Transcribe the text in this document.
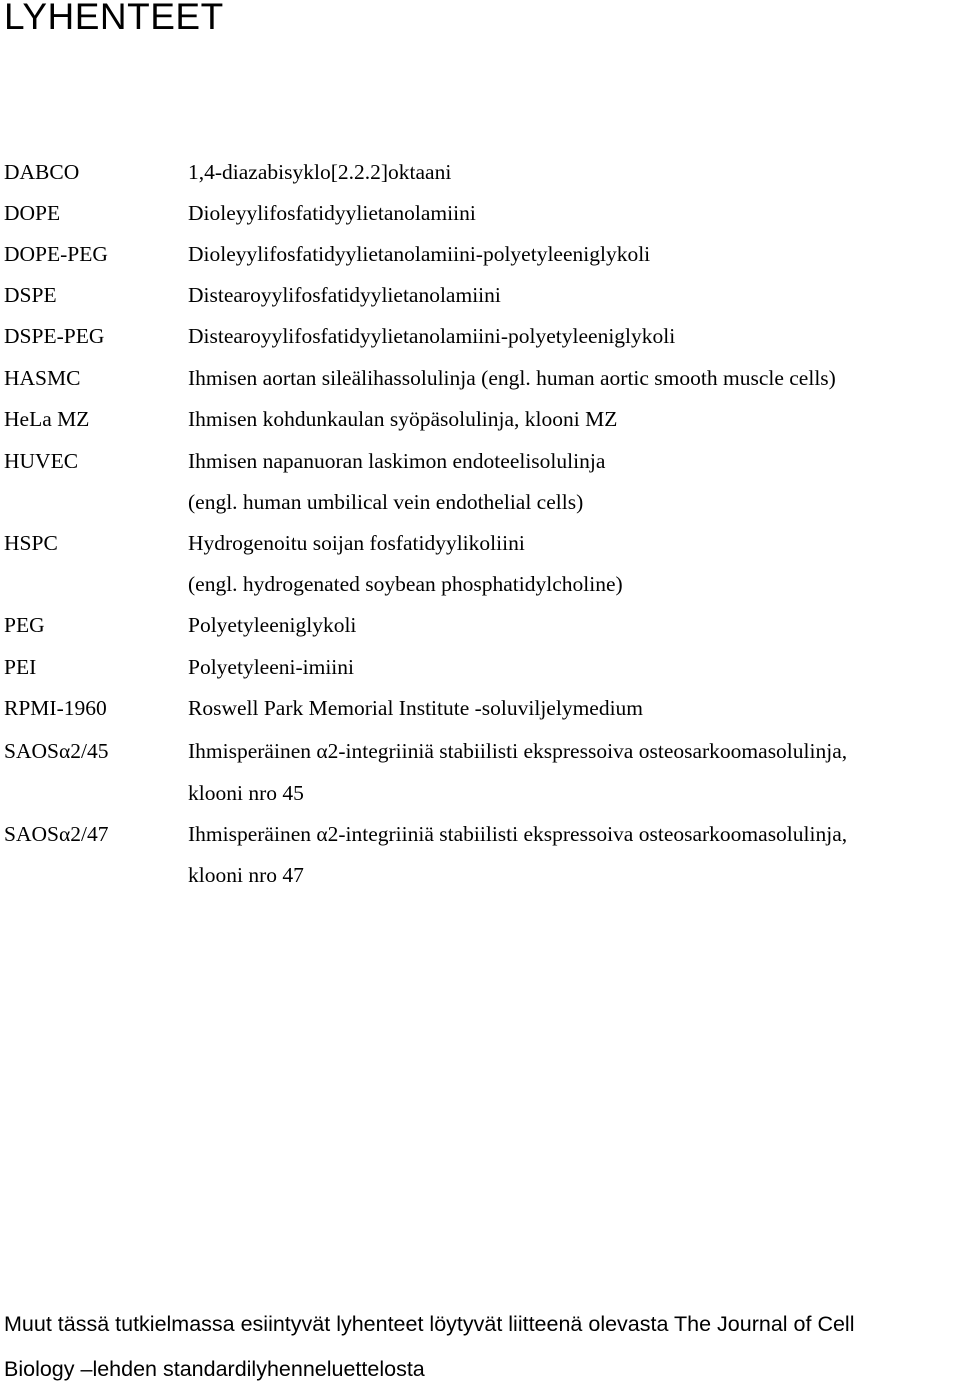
LYHENTEET
DABCO	1,4-diazabisyklo[2.2.2]oktaani
DOPE	Dioleyylifosfatidyylietanolamiini
DOPE-PEG	Dioleyylifosfatidyylietanolamiini-polyetyleeniglykoli
DSPE	Distearoyylifosfatidyylietanolamiini
DSPE-PEG	Distearoyylifosfatidyylietanolamiini-polyetyleeniglykoli
HASMC	Ihmisen aortan sileälihassolulinja (engl. human aortic smooth muscle cells)
HeLa MZ	Ihmisen kohdunkaulan syöpäsolulinja, klooni MZ
HUVEC	Ihmisen napanuoran laskimon endoteelisolulinja
(engl. human umbilical vein endothelial cells)
HSPC	Hydrogenoitu soijan fosfatidyylikoliini
(engl. hydrogenated soybean phosphatidylcholine)
PEG	Polyetyleeniglykoli
PEI	Polyetyleeni-imiini
RPMI-1960	Roswell Park Memorial Institute -soluviljelymedium
SAOSα2/45	Ihmisperäinen α2-integriiniä stabiilisti ekspressoiva osteosarkoomasolulinja,
klooni nro 45
SAOSα2/47	Ihmisperäinen α2-integriiniä stabiilisti ekspressoiva osteosarkoomasolulinja,
klooni nro 47
Muut tässä tutkielmassa esiintyvät lyhenteet löytyvät liitteenä olevasta The Journal of Cell
Biology –lehden standardilyhenneluettelosta
